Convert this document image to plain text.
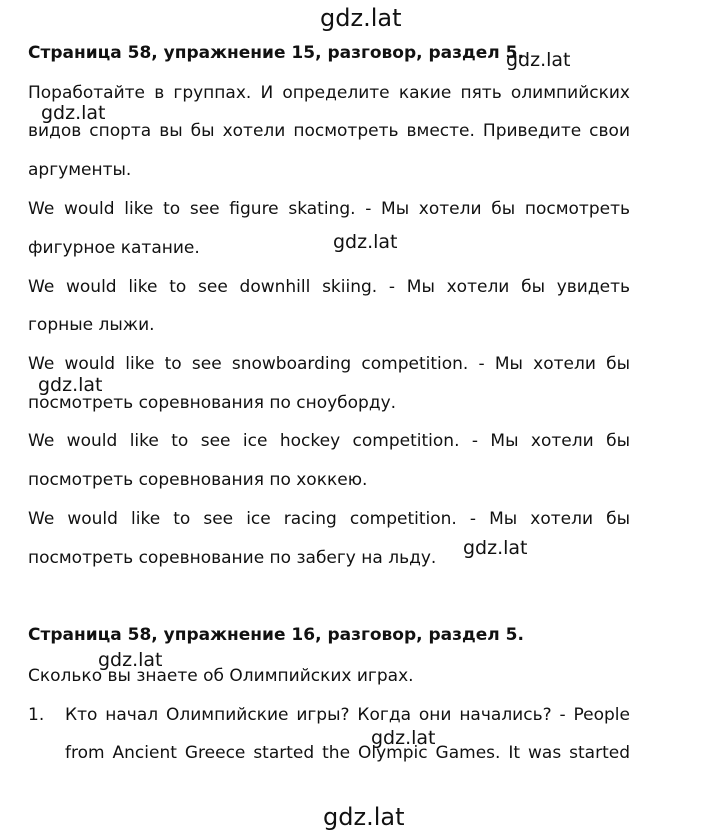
gdz.lat
Страница 58, упражнение 15, разговор, раздел 5.
gdz.lat
Поработайте в группах. И определите какие пять олимпийских
gdz.lat
видов спорта вы бы хотели посмотреть вместе. Приведите свои
аргументы.
We would like to see figure skating. - Мы хотели бы посмотреть
фигурное катание.	gdz.lat
We would like to see downhill skiing. - Мы хотели бы увидеть
горные лыжи.
We would like to see snowboarding competition. - Мы хотели бы
gdz.lat
посмотреть соревнования по сноуборду.
We would like to see ice hockey competition. - Мы хотели бы
посмотреть соревнования по хоккею.
We would like to see ice racing competition. - Мы хотели бы
gdz.lat
посмотреть соревнование по забегу на льду.
Страница 58, упражнение 16, разговор, раздел 5.
gdz.lat
Сколько вы знаете об Олимпийских играх.
1. Кто начал Олимпийские игры? Когда они начались? - People
gdz.lat
from Ancient Greece started the Olympic Games. It was started
gdz.lat
